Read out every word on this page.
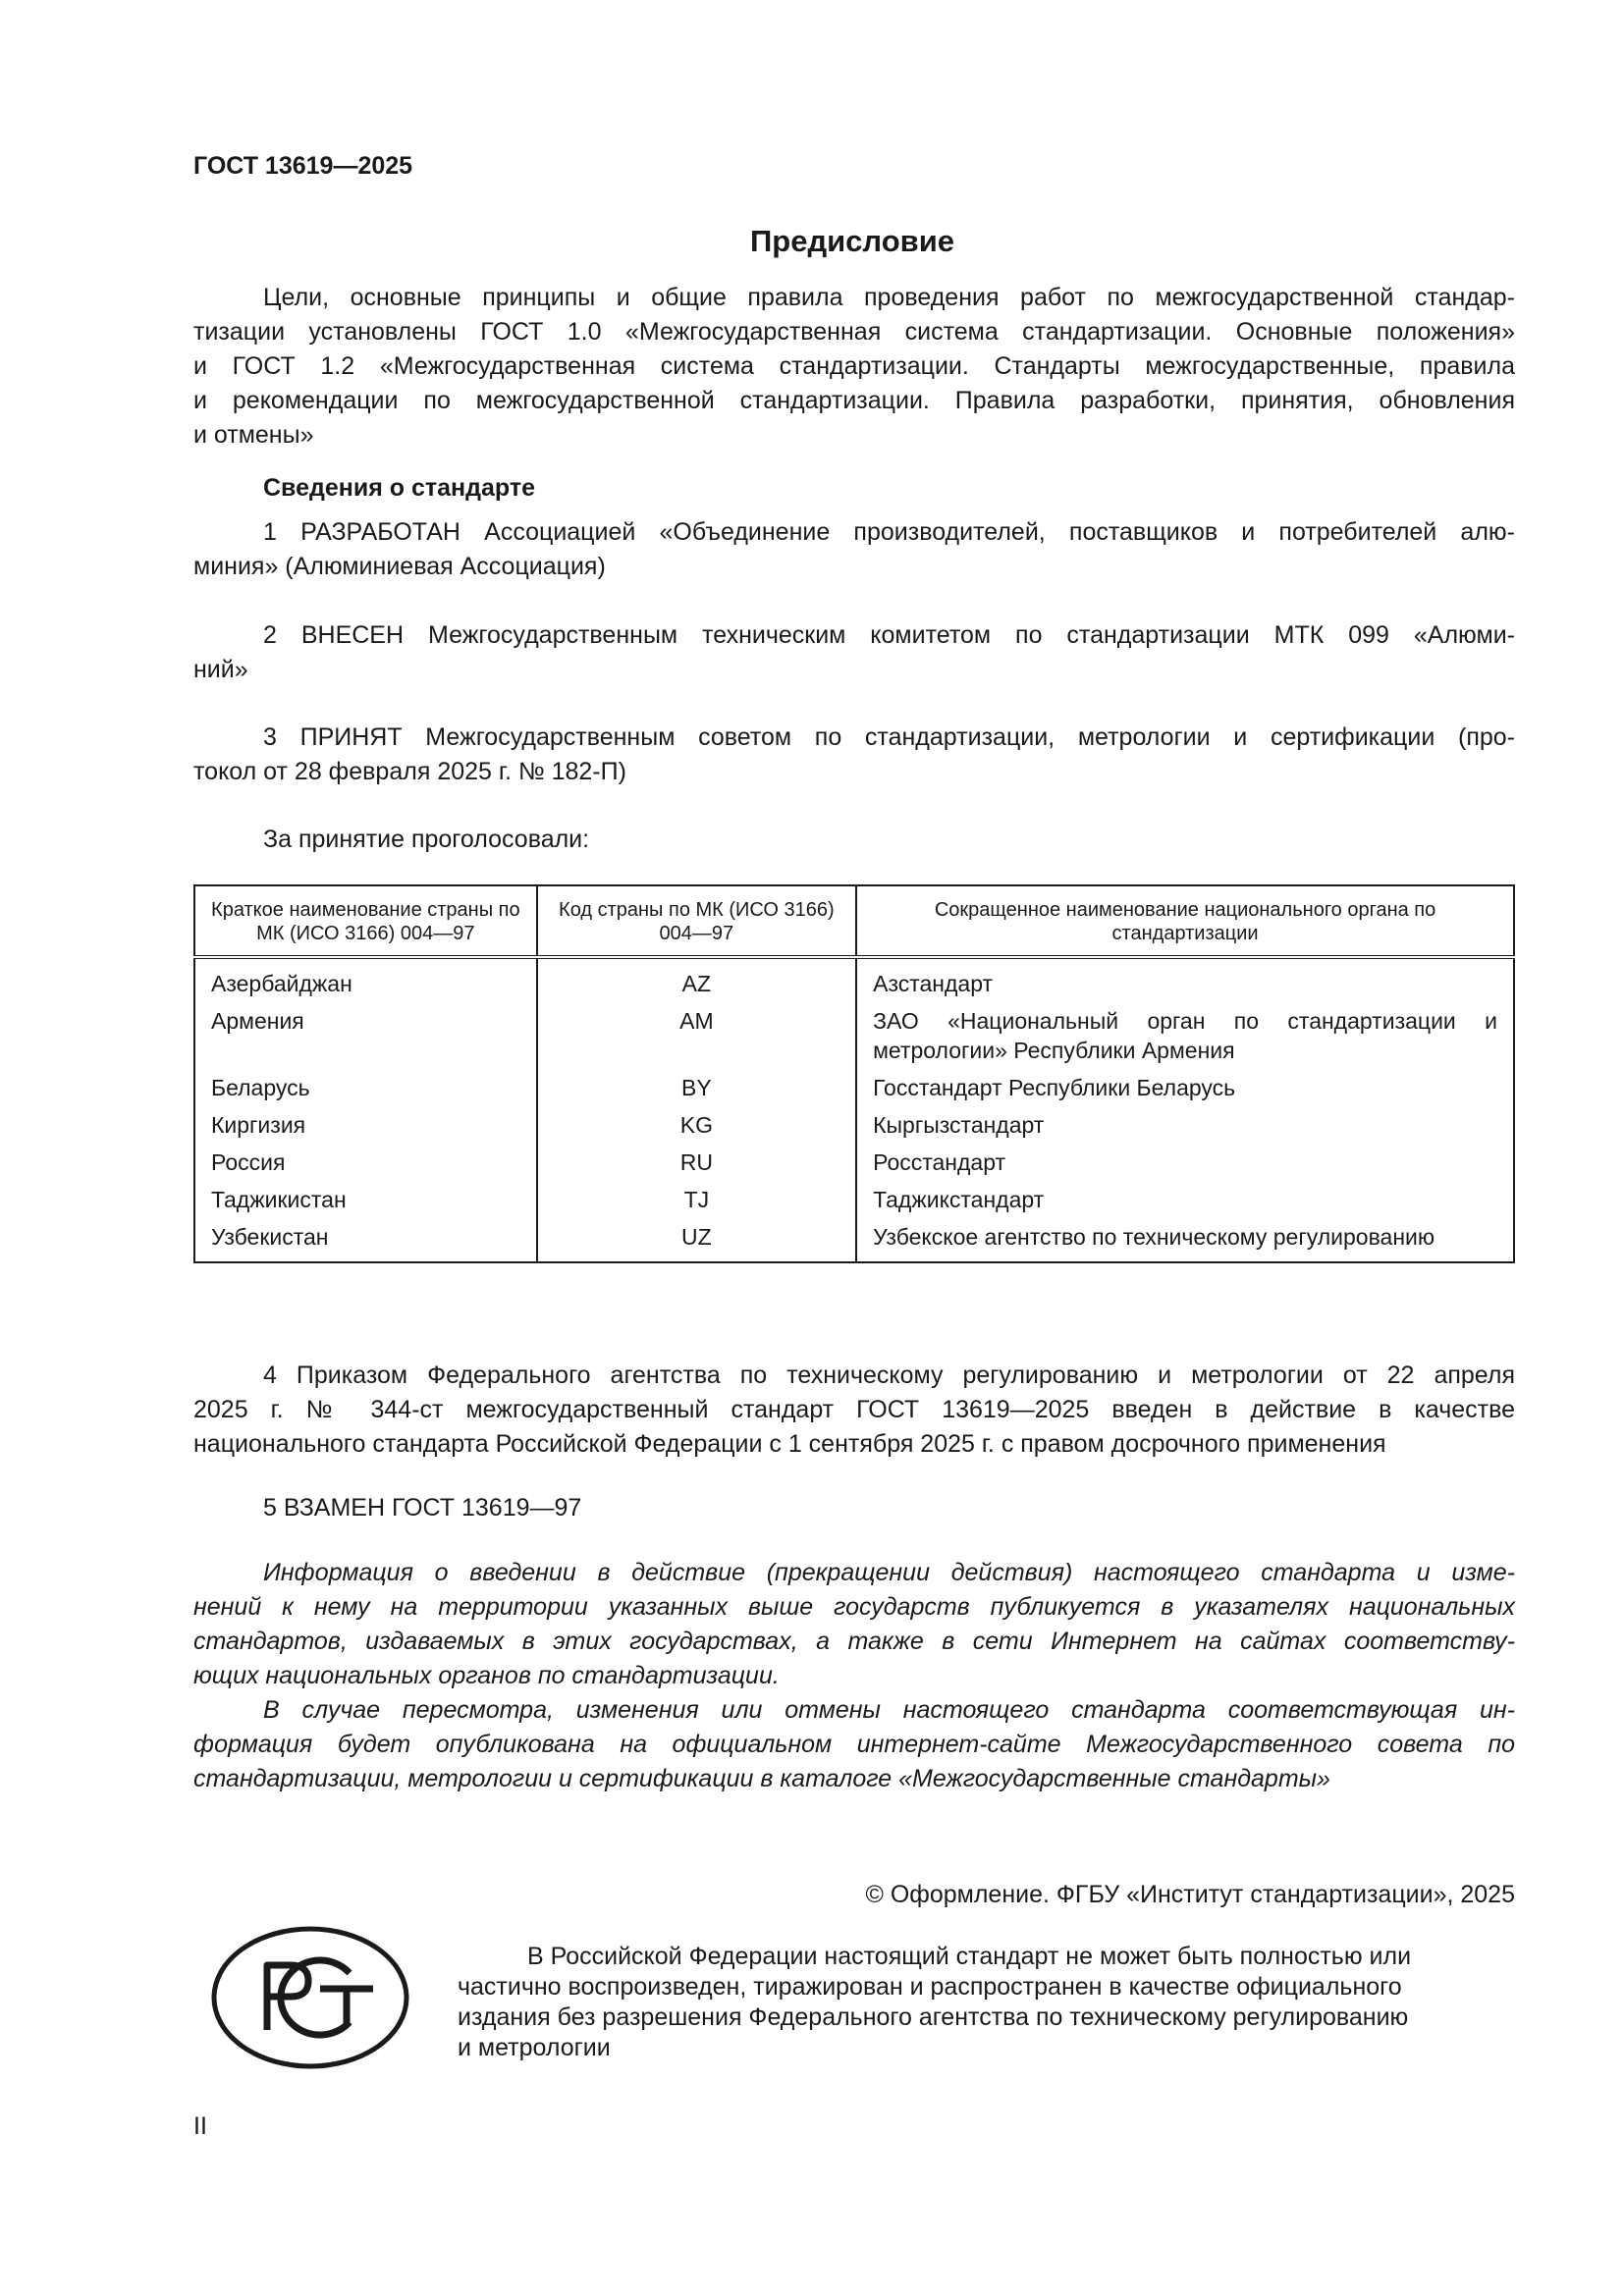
ГОСТ 13619—2025
Предисловие
Цели, основные принципы и общие правила проведения работ по межгосударственной стандар-
тизации установлены ГОСТ 1.0 «Межгосударственная система стандартизации. Основные положения»
и ГОСТ 1.2 «Межгосударственная система стандартизации. Стандарты межгосударственные, правила
и рекомендации по межгосударственной стандартизации. Правила разработки, принятия, обновления
и отмены»
Сведения о стандарте
1 РАЗРАБОТАН Ассоциацией «Объединение производителей, поставщиков и потребителей алю-
миния» (Алюминиевая Ассоциация)
2 ВНЕСЕН Межгосударственным техническим комитетом по стандартизации МТК 099 «Алюми-
ний»
3 ПРИНЯТ Межгосударственным советом по стандартизации, метрологии и сертификации (про-
токол от 28 февраля 2025 г. № 182-П)
За принятие проголосовали:
Краткое наименование страны по МК (ИСО 3166) 004—97	Код страны по МК (ИСО 3166) 004—97	Сокращенное наименование национального органа по стандартизации
Азербайджан	AZ	Азстандарт
Армения	AM	ЗАО «Национальный орган по стандартизации и метрологии» Республики Армения
Беларусь	BY	Госстандарт Республики Беларусь
Киргизия	KG	Кыргызстандарт
Россия	RU	Росстандарт
Таджикистан	TJ	Таджикстандарт
Узбекистан	UZ	Узбекское агентство по техническому регулированию
4 Приказом Федерального агентства по техническому регулированию и метрологии от 22 апреля
2025 г. № 344-ст межгосударственный стандарт ГОСТ 13619—2025 введен в действие в качестве
национального стандарта Российской Федерации с 1 сентября 2025 г. с правом досрочного применения
5 ВЗАМЕН ГОСТ 13619—97
Информация о введении в действие (прекращении действия) настоящего стандарта и изме-
нений к нему на территории указанных выше государств публикуется в указателях национальных
стандартов, издаваемых в этих государствах, а также в сети Интернет на сайтах соответству-
ющих национальных органов по стандартизации.
В случае пересмотра, изменения или отмены настоящего стандарта соответствующая ин-
формация будет опубликована на официальном интернет-сайте Межгосударственного совета по
стандартизации, метрологии и сертификации в каталоге «Межгосударственные стандарты»
© Оформление. ФГБУ «Институт стандартизации», 2025
В Российской Федерации настоящий стандарт не может быть полностью или
частично воспроизведен, тиражирован и распространен в качестве официального
издания без разрешения Федерального агентства по техническому регулированию
и метрологии
II
